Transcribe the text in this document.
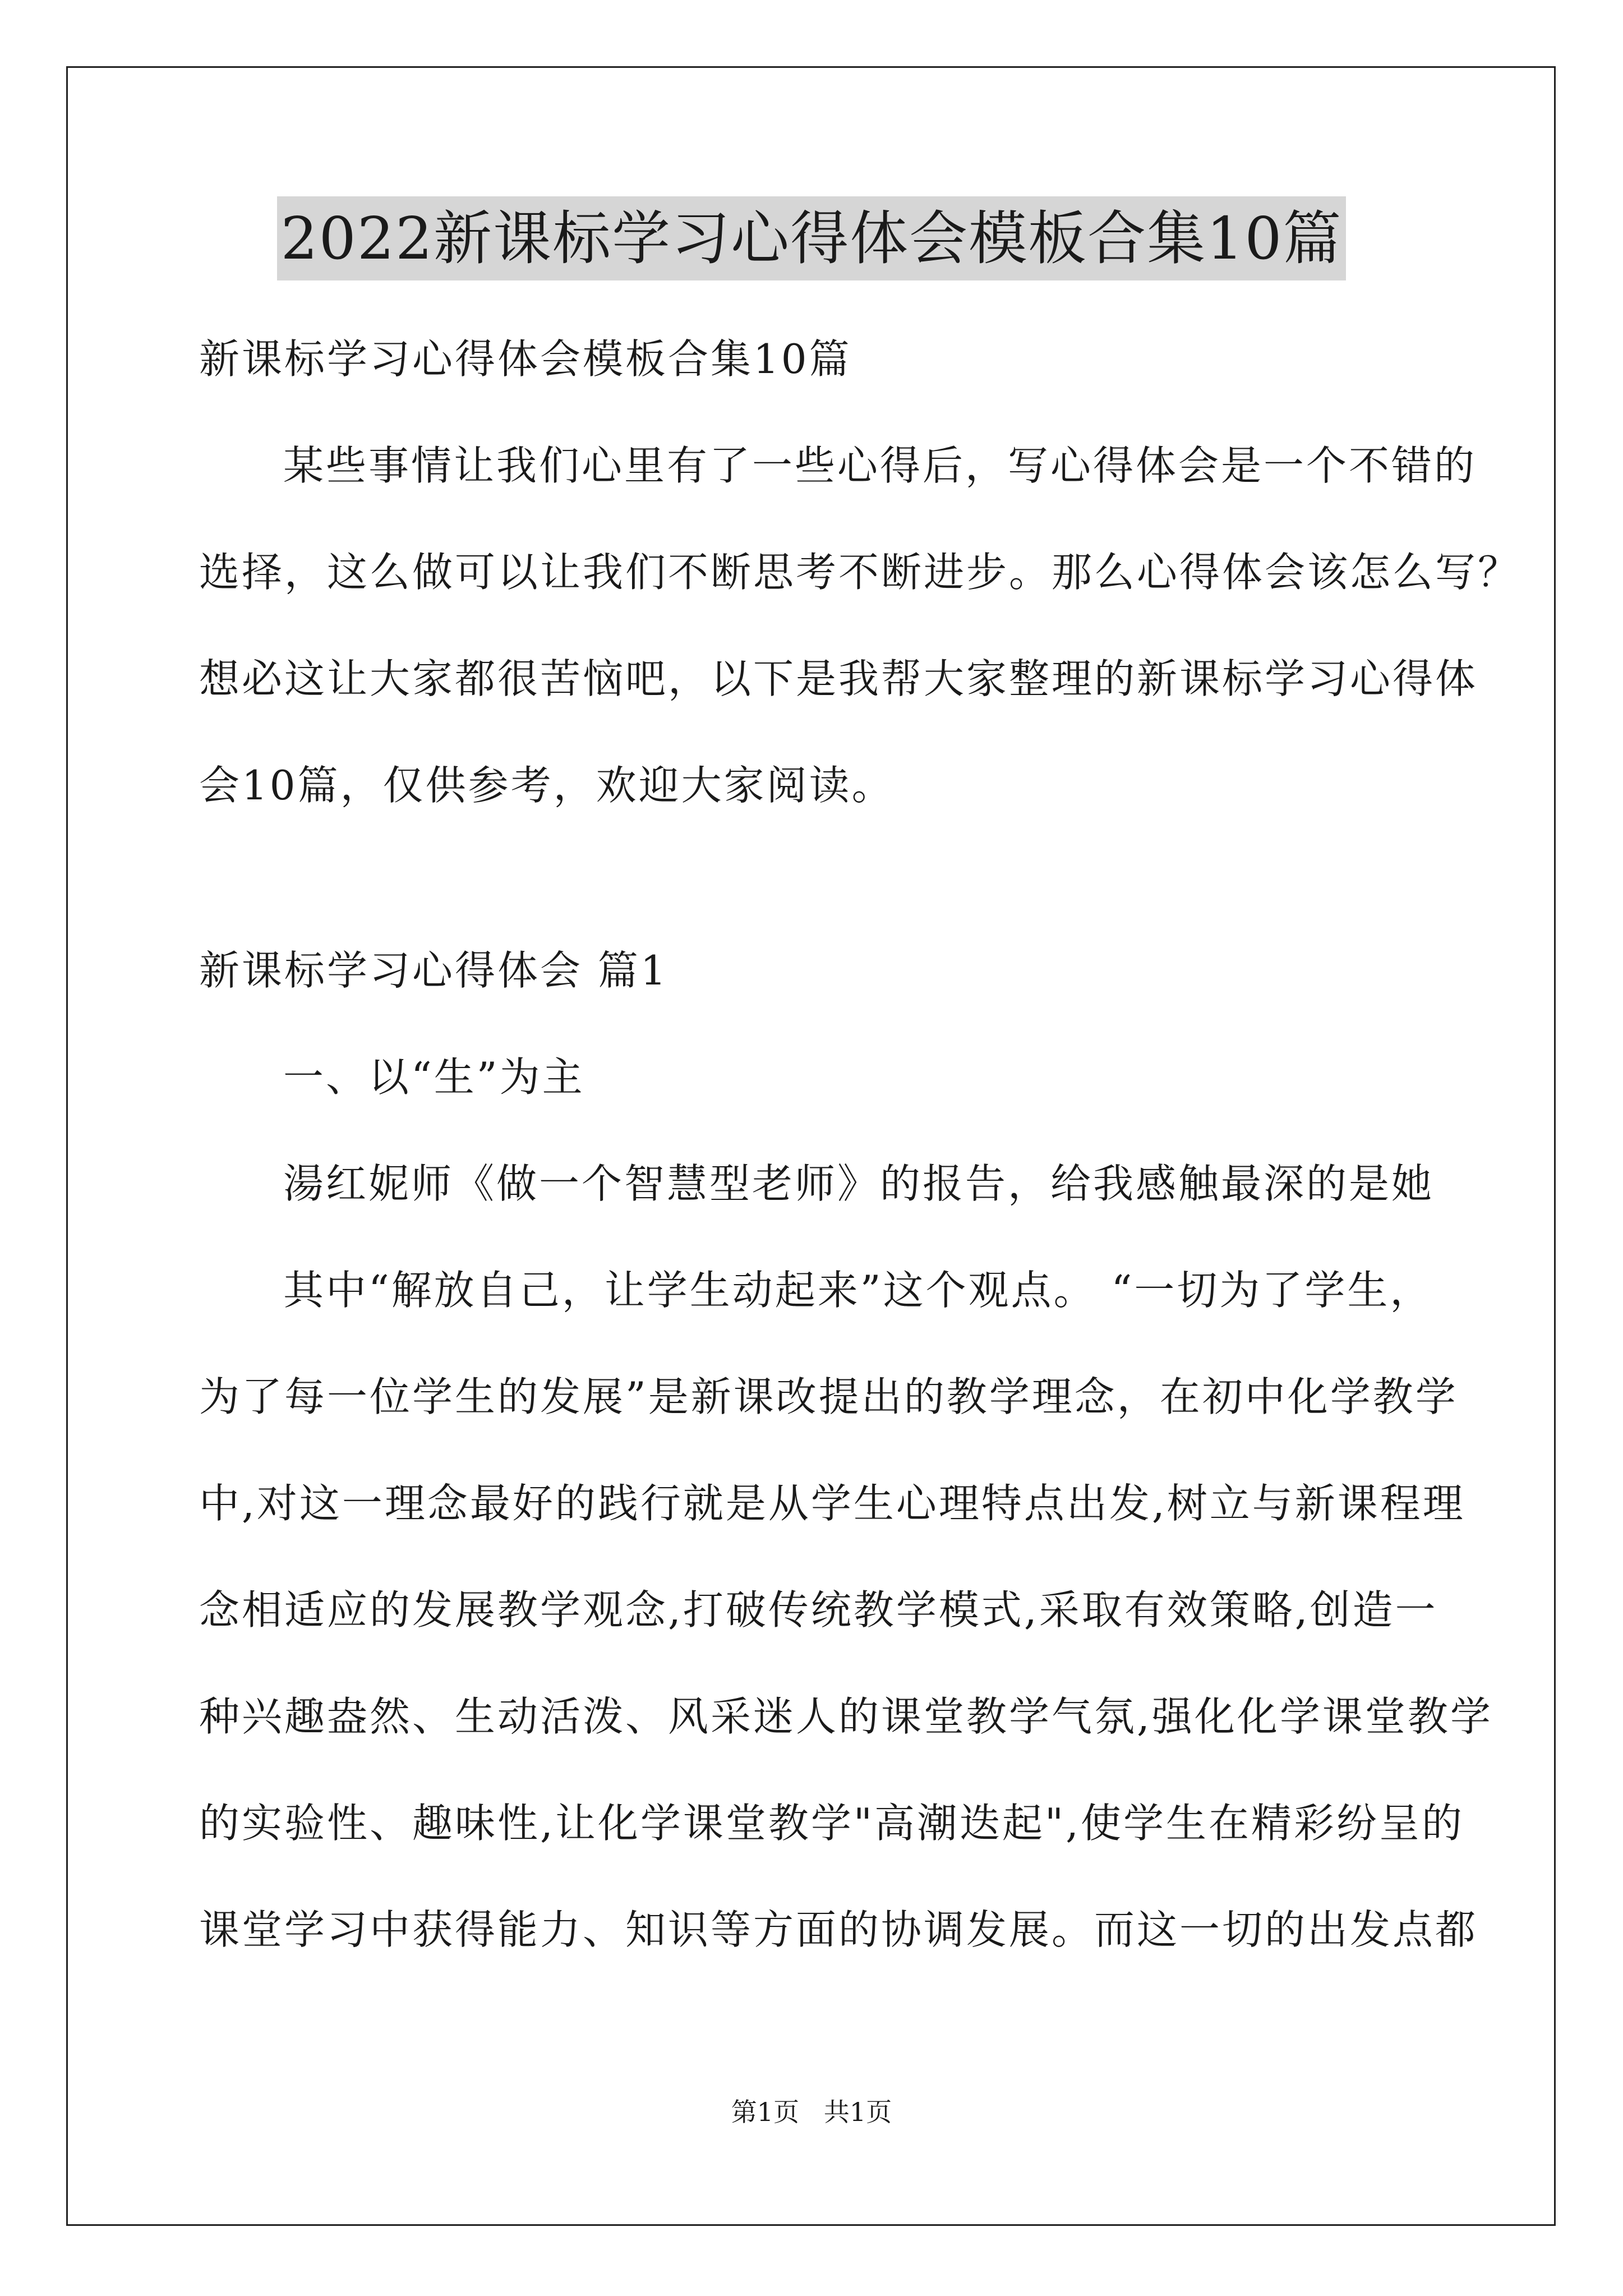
2022新课标学习心得体会模板合集10篇
新课标学习心得体会模板合集10篇
某些事情让我们心里有了一些心得后，写心得体会是一个不错的
选择，这么做可以让我们不断思考不断进步。那么心得体会该怎么写？
想必这让大家都很苦恼吧，以下是我帮大家整理的新课标学习心得体
会10篇，仅供参考，欢迎大家阅读。
新课标学习心得体会 篇1
一、以“生”为主
湯红妮师《做一个智慧型老师》的报告，给我感触最深的是她
其中“解放自己，让学生动起来”这个观点。 “一切为了学生，
为了每一位学生的发展”是新课改提出的教学理念，在初中化学教学
中,对这一理念最好的践行就是从学生心理特点出发,树立与新课程理
念相适应的发展教学观念,打破传统教学模式,采取有效策略,创造一
种兴趣盎然、生动活泼、风采迷人的课堂教学气氛,强化化学课堂教学
的实验性、趣味性,让化学课堂教学"高潮迭起",使学生在精彩纷呈的
课堂学习中获得能力、知识等方面的协调发展。而这一切的出发点都
第1页   共1页
